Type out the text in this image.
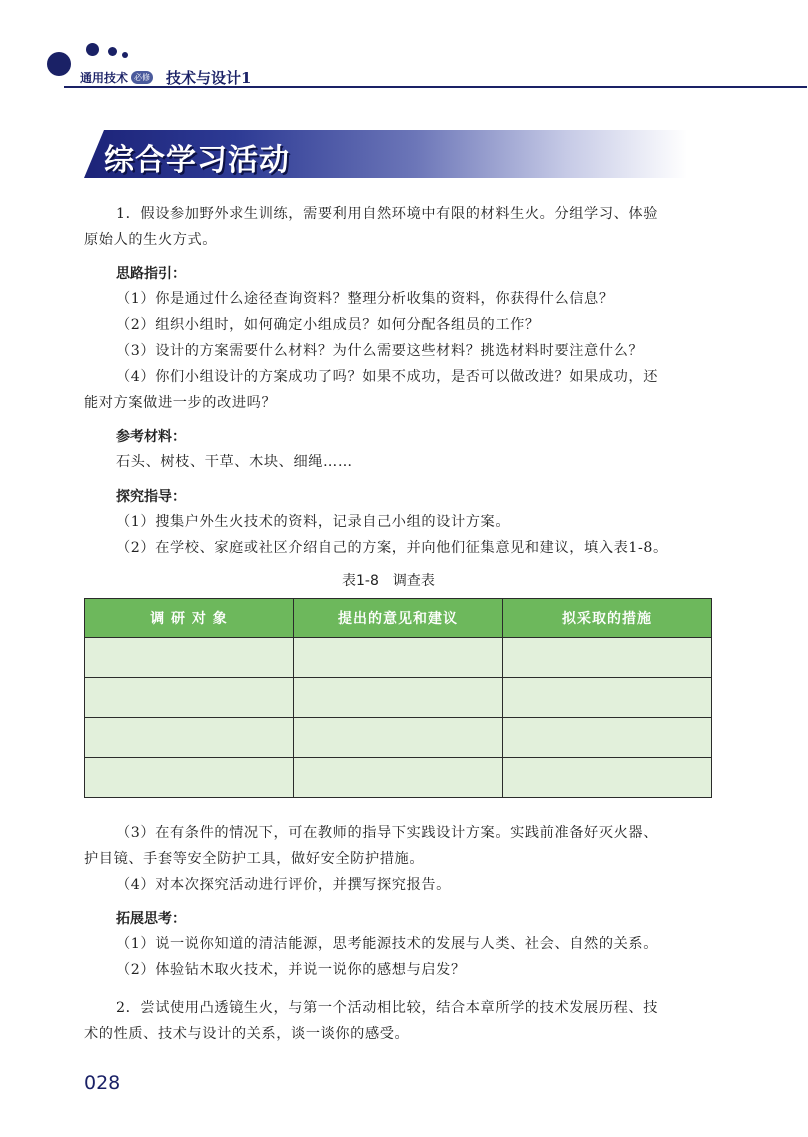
通用技术 必修 技术与设计1
综合学习活动
1．假设参加野外求生训练，需要利用自然环境中有限的材料生火。分组学习、体验
原始人的生火方式。
思路指引：
（1）你是通过什么途径查询资料？整理分析收集的资料，你获得什么信息？
（2）组织小组时，如何确定小组成员？如何分配各组员的工作？
（3）设计的方案需要什么材料？为什么需要这些材料？挑选材料时要注意什么？
（4）你们小组设计的方案成功了吗？如果不成功，是否可以做改进？如果成功，还
能对方案做进一步的改进吗？
参考材料：
石头、树枝、干草、木块、细绳……
探究指导：
（1）搜集户外生火技术的资料，记录自己小组的设计方案。
（2）在学校、家庭或社区介绍自己的方案，并向他们征集意见和建议，填入表1-8。
表1-8　调查表
调 研 对 象	提出的意见和建议	拟采取的措施

（3）在有条件的情况下，可在教师的指导下实践设计方案。实践前准备好灭火器、
护目镜、手套等安全防护工具，做好安全防护措施。
（4）对本次探究活动进行评价，并撰写探究报告。
拓展思考：
（1）说一说你知道的清洁能源，思考能源技术的发展与人类、社会、自然的关系。
（2）体验钻木取火技术，并说一说你的感想与启发？
2．尝试使用凸透镜生火，与第一个活动相比较，结合本章所学的技术发展历程、技
术的性质、技术与设计的关系，谈一谈你的感受。
028
